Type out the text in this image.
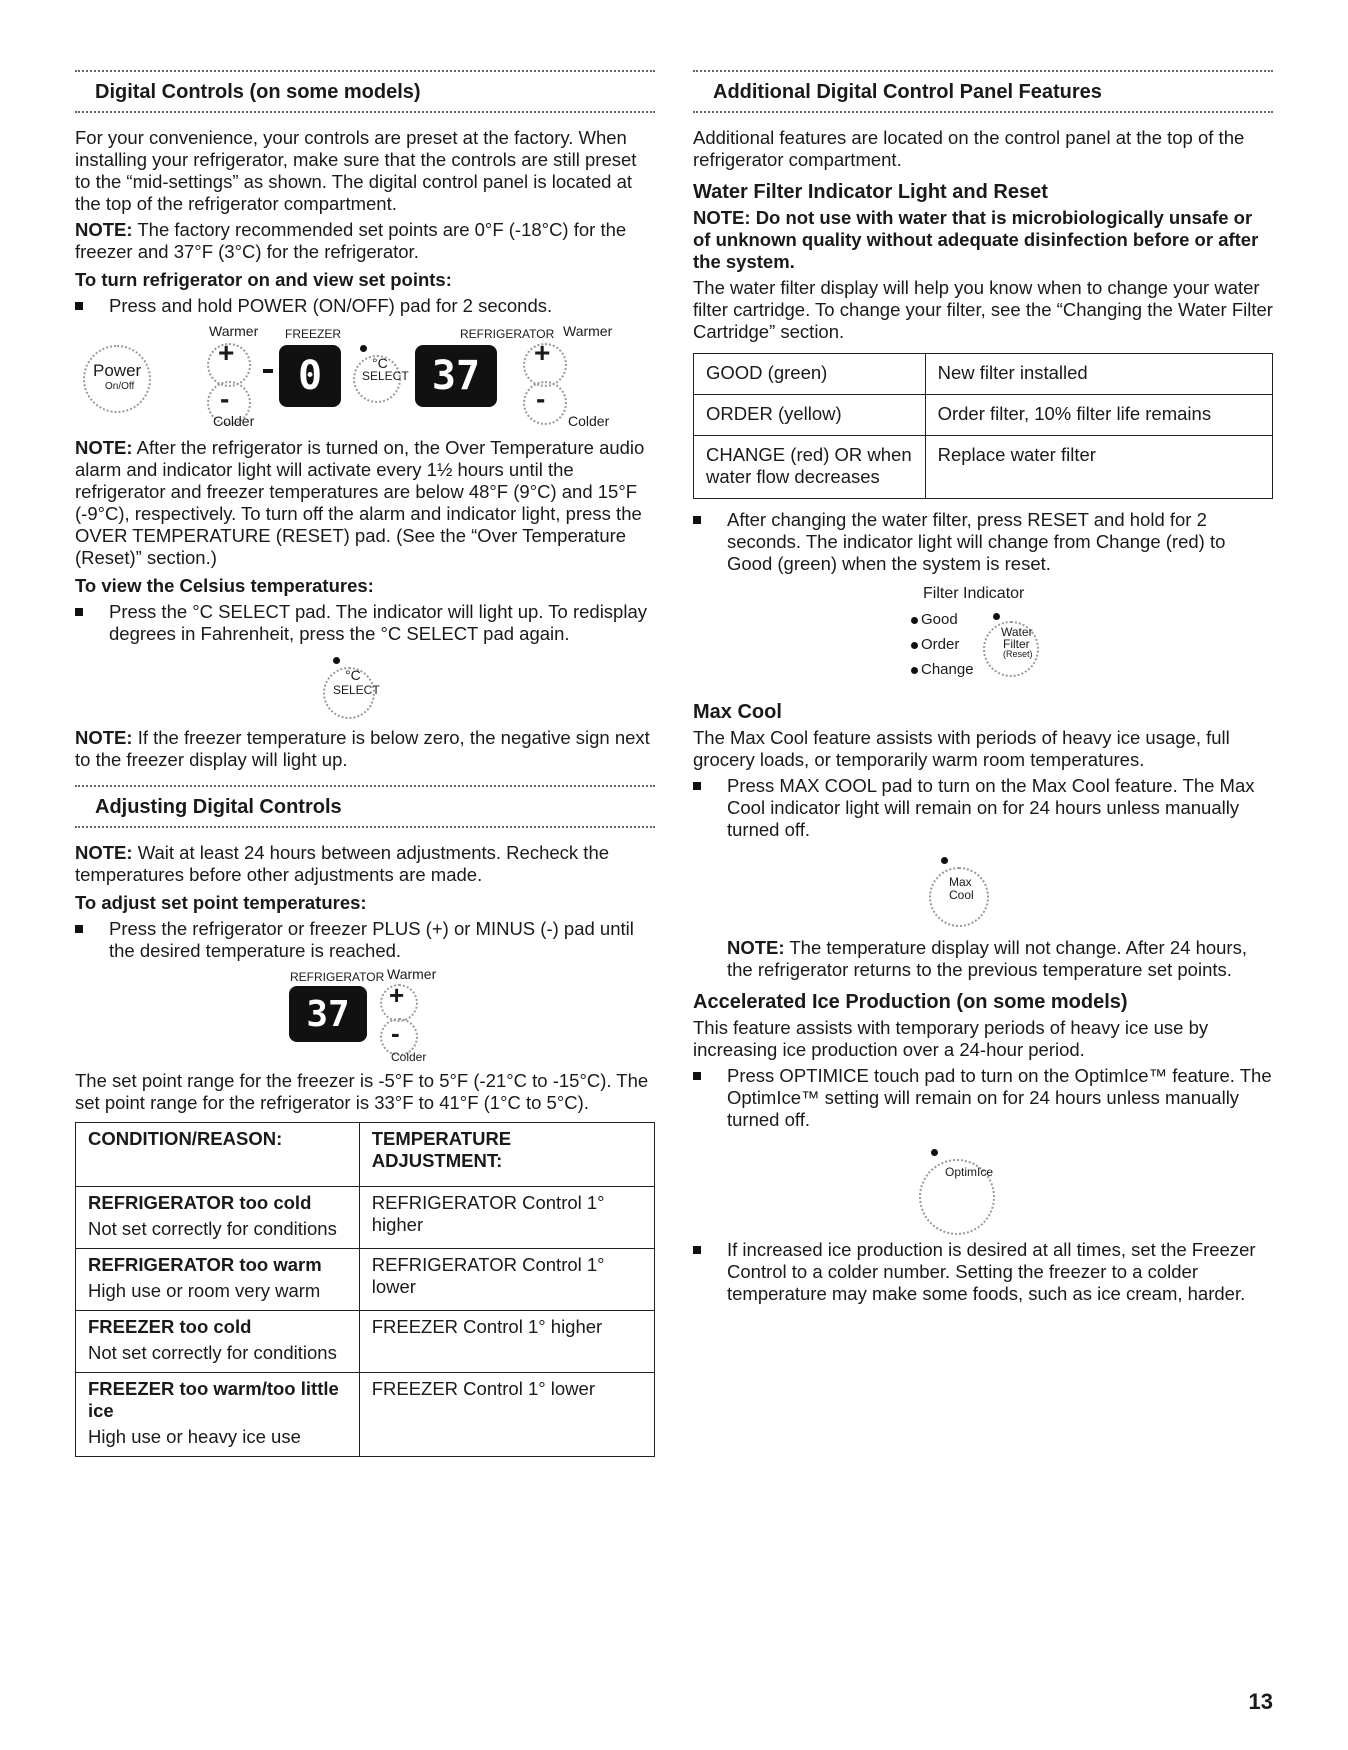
Digital Controls (on some models)

For your convenience, your controls are preset at the factory. When installing your refrigerator, make sure that the controls are still preset to the “mid-settings” as shown. The digital control panel is located at the top of the refrigerator compartment.

NOTE: The factory recommended set points are 0°F (-18°C) for the freezer and 37°F (3°C) for the refrigerator.

To turn refrigerator on and view set points:
Press and hold POWER (ON/OFF) pad for 2 seconds.
Warmer FREEZER	REFRIGERATOR Warmer
Power
On/Off
+
-	0	°C
SELECT 37
+
-
Colder	Colder

NOTE: After the refrigerator is turned on, the Over Temperature audio alarm and indicator light will activate every 1½ hours until the refrigerator and freezer temperatures are below 48°F (9°C) and 15°F (-9°C), respectively. To turn off the alarm and indicator light, press the OVER TEMPERATURE (RESET) pad. (See the “Over Temperature (Reset)” section.)

To view the Celsius temperatures:
Press the °C SELECT pad. The indicator will light up. To redisplay degrees in Fahrenheit, press the °C SELECT pad again.
°C
SELECT

NOTE: If the freezer temperature is below zero, the negative sign next to the freezer display will light up.

Adjusting Digital Controls

NOTE: Wait at least 24 hours between adjustments. Recheck the temperatures before other adjustments are made.

To adjust set point temperatures:
Press the refrigerator or freezer PLUS (+) or MINUS (-) pad until the desired temperature is reached.
REFRIGERATOR Warmer
37	+
-
Colder

The set point range for the freezer is -5°F to 5°F (-21°C to -15°C). The set point range for the refrigerator is 33°F to 41°F (1°C to 5°C).

CONDITION/REASON:	TEMPERATURE ADJUSTMENT:

REFRIGERATOR too cold
Not set correctly for conditions	REFRIGERATOR Control 1° higher

REFRIGERATOR too warm
High use or room very warm	REFRIGERATOR Control 1° lower

FREEZER too cold
Not set correctly for conditions	FREEZER Control 1° higher

FREEZER too warm/too little ice
High use or heavy ice use	FREEZER Control 1° lower
Additional Digital Control Panel Features

Additional features are located on the control panel at the top of the refrigerator compartment.

Water Filter Indicator Light and Reset

NOTE: Do not use with water that is microbiologically unsafe or of unknown quality without adequate disinfection before or after the system.

The water filter display will help you know when to change your water filter cartridge. To change your filter, see the “Changing the Water Filter Cartridge” section.

GOOD (green)	New filter installed
ORDER (yellow)	Order filter, 10% filter life remains
CHANGE (red) OR when water flow decreases	Replace water filter
After changing the water filter, press RESET and hold for 2 seconds. The indicator light will change from Change (red) to Good (green) when the system is reset.
Filter Indicator
Good
Order
Change
Water
Filter
(Reset)
Max Cool

The Max Cool feature assists with periods of heavy ice usage, full grocery loads, or temporarily warm room temperatures.

Press MAX COOL pad to turn on the Max Cool feature. The Max Cool indicator light will remain on for 24 hours unless manually turned off.
Max
Cool

NOTE: The temperature display will not change. After 24 hours, the refrigerator returns to the previous temperature set points.

Accelerated Ice Production (on some models)

This feature assists with temporary periods of heavy ice use by increasing ice production over a 24-hour period.

Press OPTIMICE touch pad to turn on the OptimIce™ feature. The OptimIce™ setting will remain on for 24 hours unless manually turned off.
OptimIce
If increased ice production is desired at all times, set the Freezer Control to a colder number. Setting the freezer to a colder temperature may make some foods, such as ice cream, harder.
13
